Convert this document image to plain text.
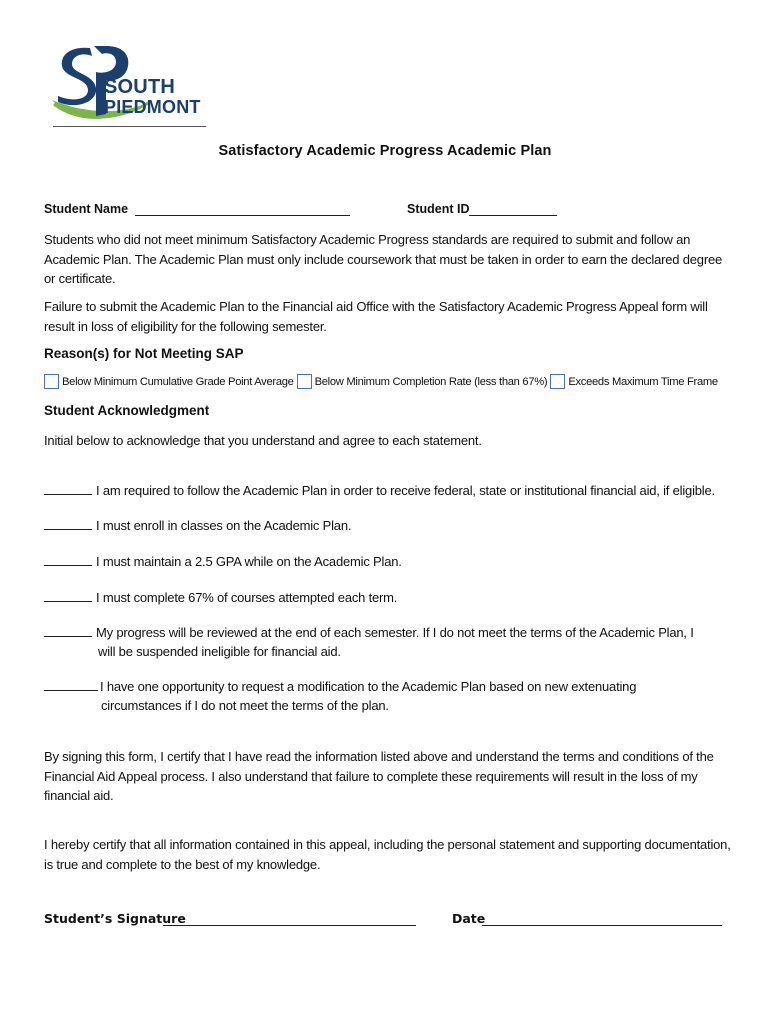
SOUTH
PIEDMONT
Satisfactory Academic Progress Academic Plan
Student Name	Student ID
Students who did not meet minimum Satisfactory Academic Progress standards are required to submit and follow an Academic Plan. The Academic Plan must only include coursework that must be taken in order to earn the declared degree or certificate.
Failure to submit the Academic Plan to the Financial aid Office with the Satisfactory Academic Progress Appeal form will result in loss of eligibility for the following semester.
Reason(s) for Not Meeting SAP
Below Minimum Cumulative Grade Point Average Below Minimum Completion Rate (less than 67%) Exceeds Maximum Time Frame
Student Acknowledgment
Initial below to acknowledge that you understand and agree to each statement.
I am required to follow the Academic Plan in order to receive federal, state or institutional financial aid, if eligible.
I must enroll in classes on the Academic Plan.
I must maintain a 2.5 GPA while on the Academic Plan.
I must complete 67% of courses attempted each term.
My progress will be reviewed at the end of each semester. If I do not meet the terms of the Academic Plan, I
will be suspended ineligible for financial aid.
I have one opportunity to request a modification to the Academic Plan based on new extenuating
circumstances if I do not meet the terms of the plan.
By signing this form, I certify that I have read the information listed above and understand the terms and conditions of the Financial Aid Appeal process. I also understand that failure to complete these requirements will result in the loss of my financial aid.
I hereby certify that all information contained in this appeal, including the personal statement and supporting documentation, is true and complete to the best of my knowledge.
Student’s Signature	Date
